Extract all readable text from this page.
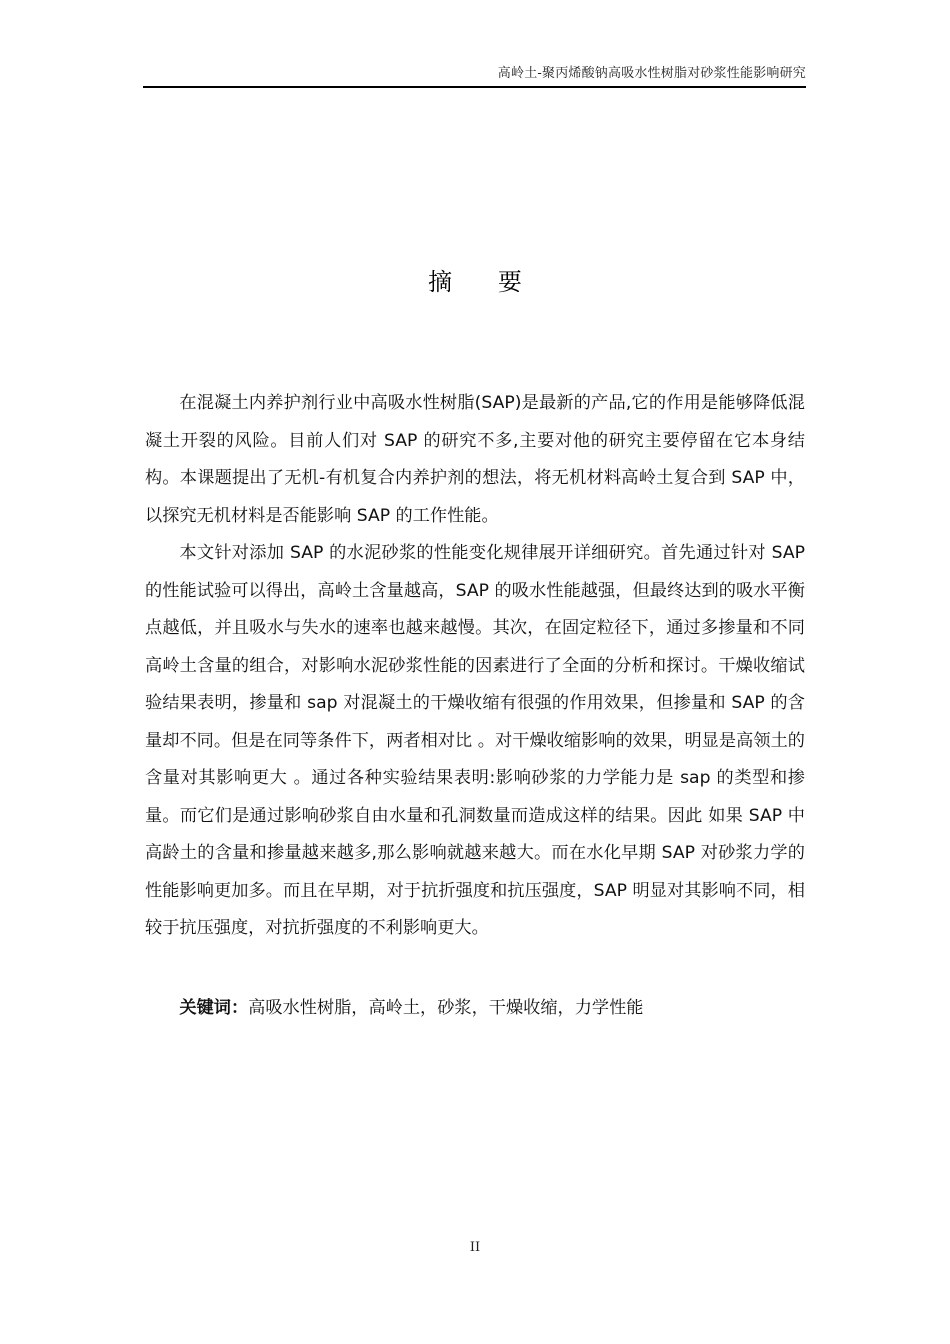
高岭土-聚丙烯酸钠高吸水性树脂对砂浆性能影响研究
摘      要

在混凝土内养护剂行业中高吸水性树脂(SAP)是最新的产品,它的作用是能够降低混凝土开裂的风险。目前人们对 SAP 的研究不多,主要对他的研究主要停留在它本身结构。本课题提出了无机-有机复合内养护剂的想法，将无机材料高岭土复合到 SAP 中，以探究无机材料是否能影响 SAP 的工作性能。

本文针对添加 SAP 的水泥砂浆的性能变化规律展开详细研究。首先通过针对 SAP 的性能试验可以得出，高岭土含量越高，SAP 的吸水性能越强，但最终达到的吸水平衡点越低，并且吸水与失水的速率也越来越慢。其次，在固定粒径下，通过多掺量和不同高岭土含量的组合，对影响水泥砂浆性能的因素进行了全面的分析和探讨。干燥收缩试验结果表明，掺量和 sap 对混凝土的干燥收缩有很强的作用效果，但掺量和 SAP 的含量却不同。但是在同等条件下，两者相对比 。对干燥收缩影响的效果，明显是高领土的含量对其影响更大 。通过各种实验结果表明:影响砂浆的力学能力是 sap 的类型和掺量。而它们是通过影响砂浆自由水量和孔洞数量而造成这样的结果。因此 如果 SAP 中高龄土的含量和掺量越来越多,那么影响就越来越大。而在水化早期 SAP 对砂浆力学的性能影响更加多。而且在早期，对于抗折强度和抗压强度，SAP 明显对其影响不同，相较于抗压强度，对抗折强度的不利影响更大。

关键词：高吸水性树脂，高岭土，砂浆，干燥收缩，力学性能
II
